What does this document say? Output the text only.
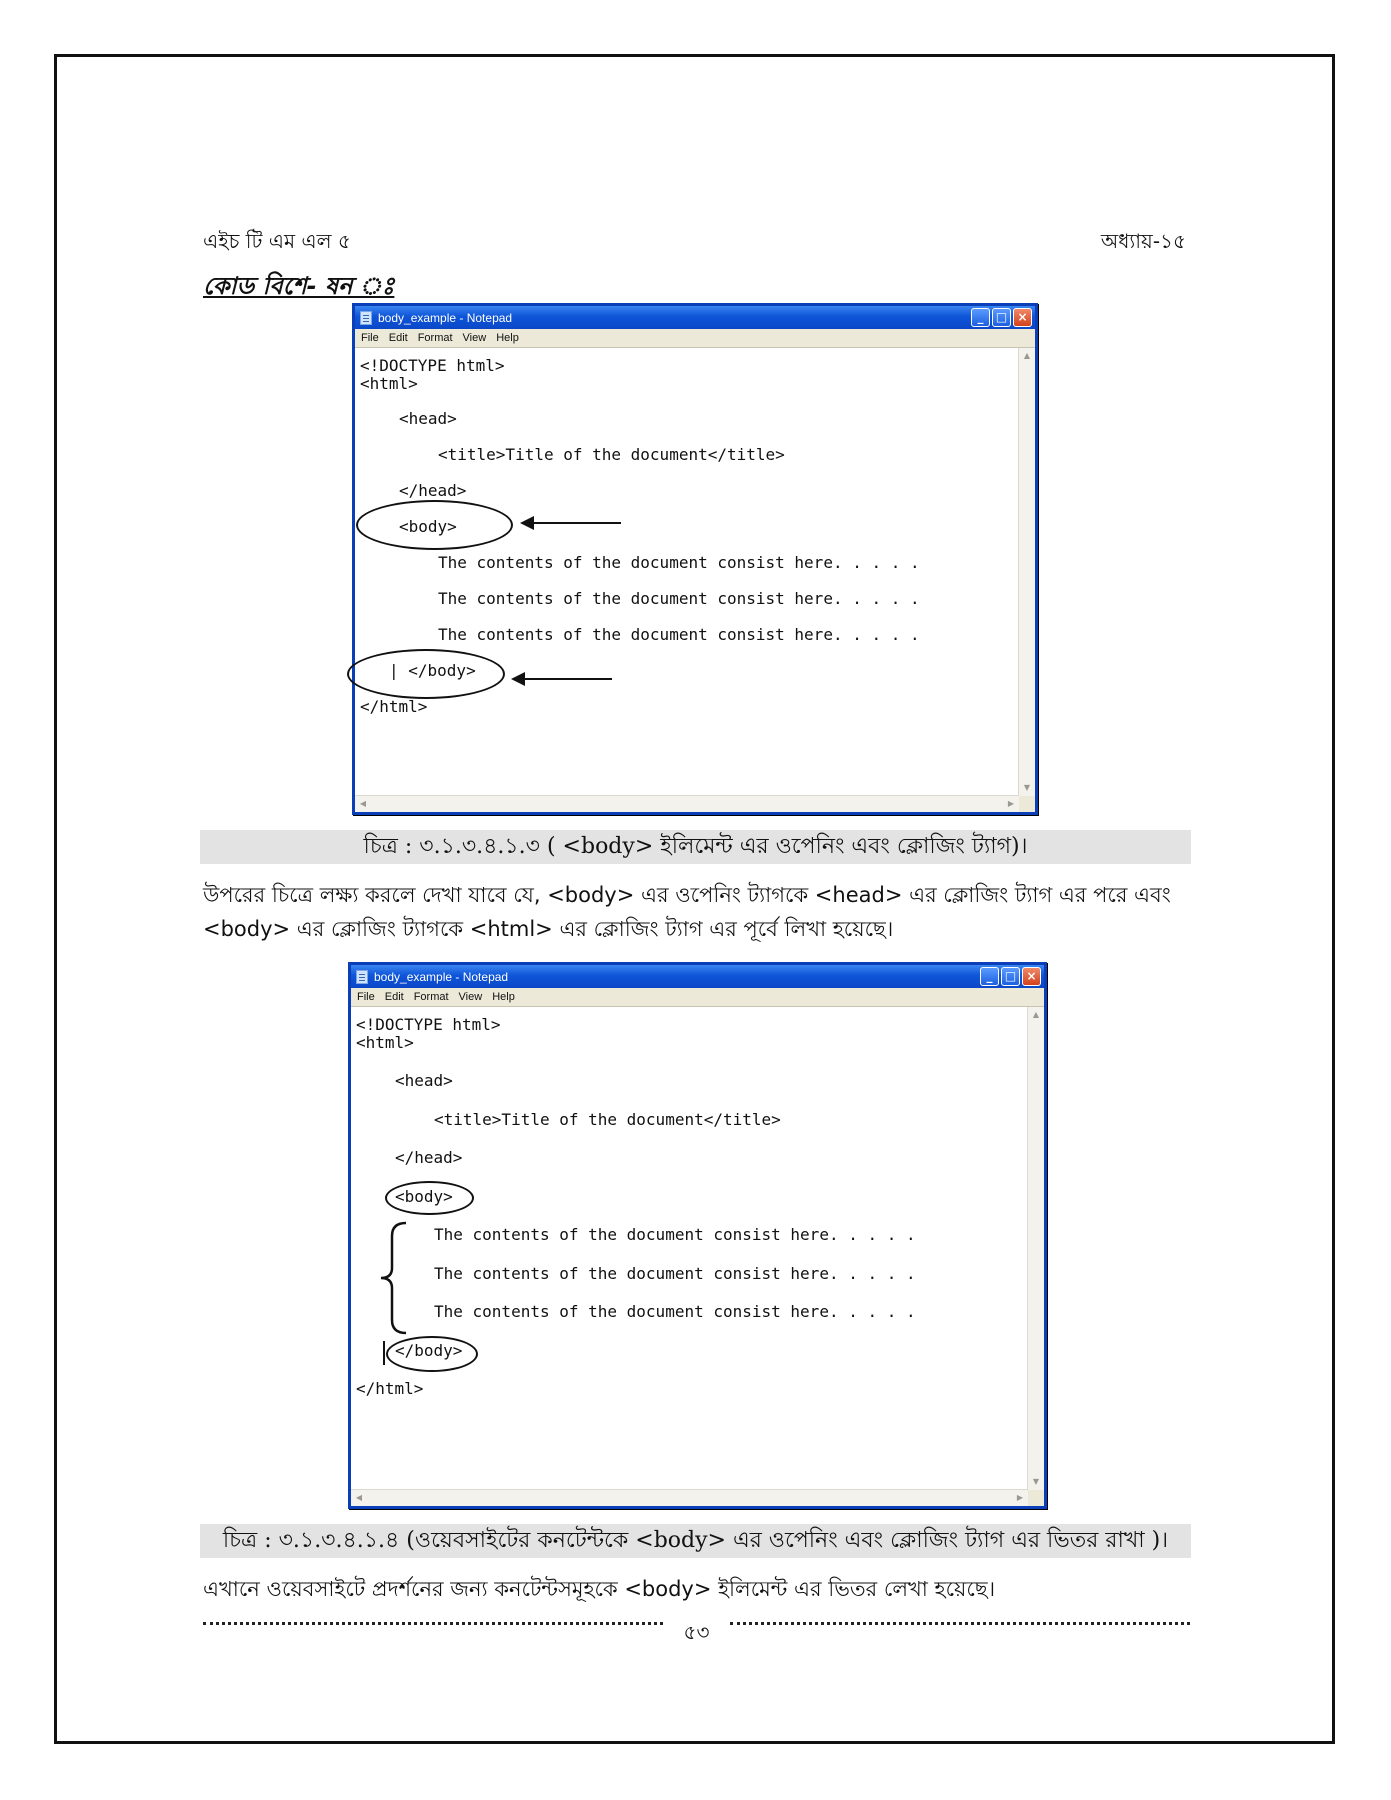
এইচ টি এম এল ৫	অধ্যায়-১৫
কোড বিশে- ষন ঃ
body_example - Notepad	_	□ ×
File Edit Format View Help
<!DOCTYPE html>
<html>
<head>
<title>Title of the document</title>
</head>
<body>
The contents of the document consist here. . . . .
The contents of the document consist here. . . . .
The contents of the document consist here. . . . .
| </body>
</html>
▲
▼
◀	▶
চিত্র : ৩.১.৩.৪.১.৩ ( <body> ইলিমেন্ট এর ওপেনিং এবং ক্লোজিং ট্যাগ)।
উপরের চিত্রে লক্ষ্য করলে দেখা যাবে যে, <body> এর ওপেনিং ট্যাগকে <head> এর ক্লোজিং ট্যাগ এর পরে এবং
<body> এর ক্লোজিং ট্যাগকে <html> এর ক্লোজিং ট্যাগ এর পূর্বে লিখা হয়েছে।
body_example - Notepad	_	□ ×
File Edit Format View Help
<!DOCTYPE html>
<html>
<head>
<title>Title of the document</title>
</head>
<body>
The contents of the document consist here. . . . .
The contents of the document consist here. . . . .
The contents of the document consist here. . . . .
</body>
</html>
▲
▼
◀	▶
চিত্র : ৩.১.৩.৪.১.৪ (ওয়েবসাইটের কনটেন্টকে <body> এর ওপেনিং এবং ক্লোজিং ট্যাগ এর ভিতর রাখা )।
এখানে ওয়েবসাইটে প্রদর্শনের জন্য কনটেন্টসমূহকে <body> ইলিমেন্ট এর ভিতর লেখা হয়েছে।
৫৩
